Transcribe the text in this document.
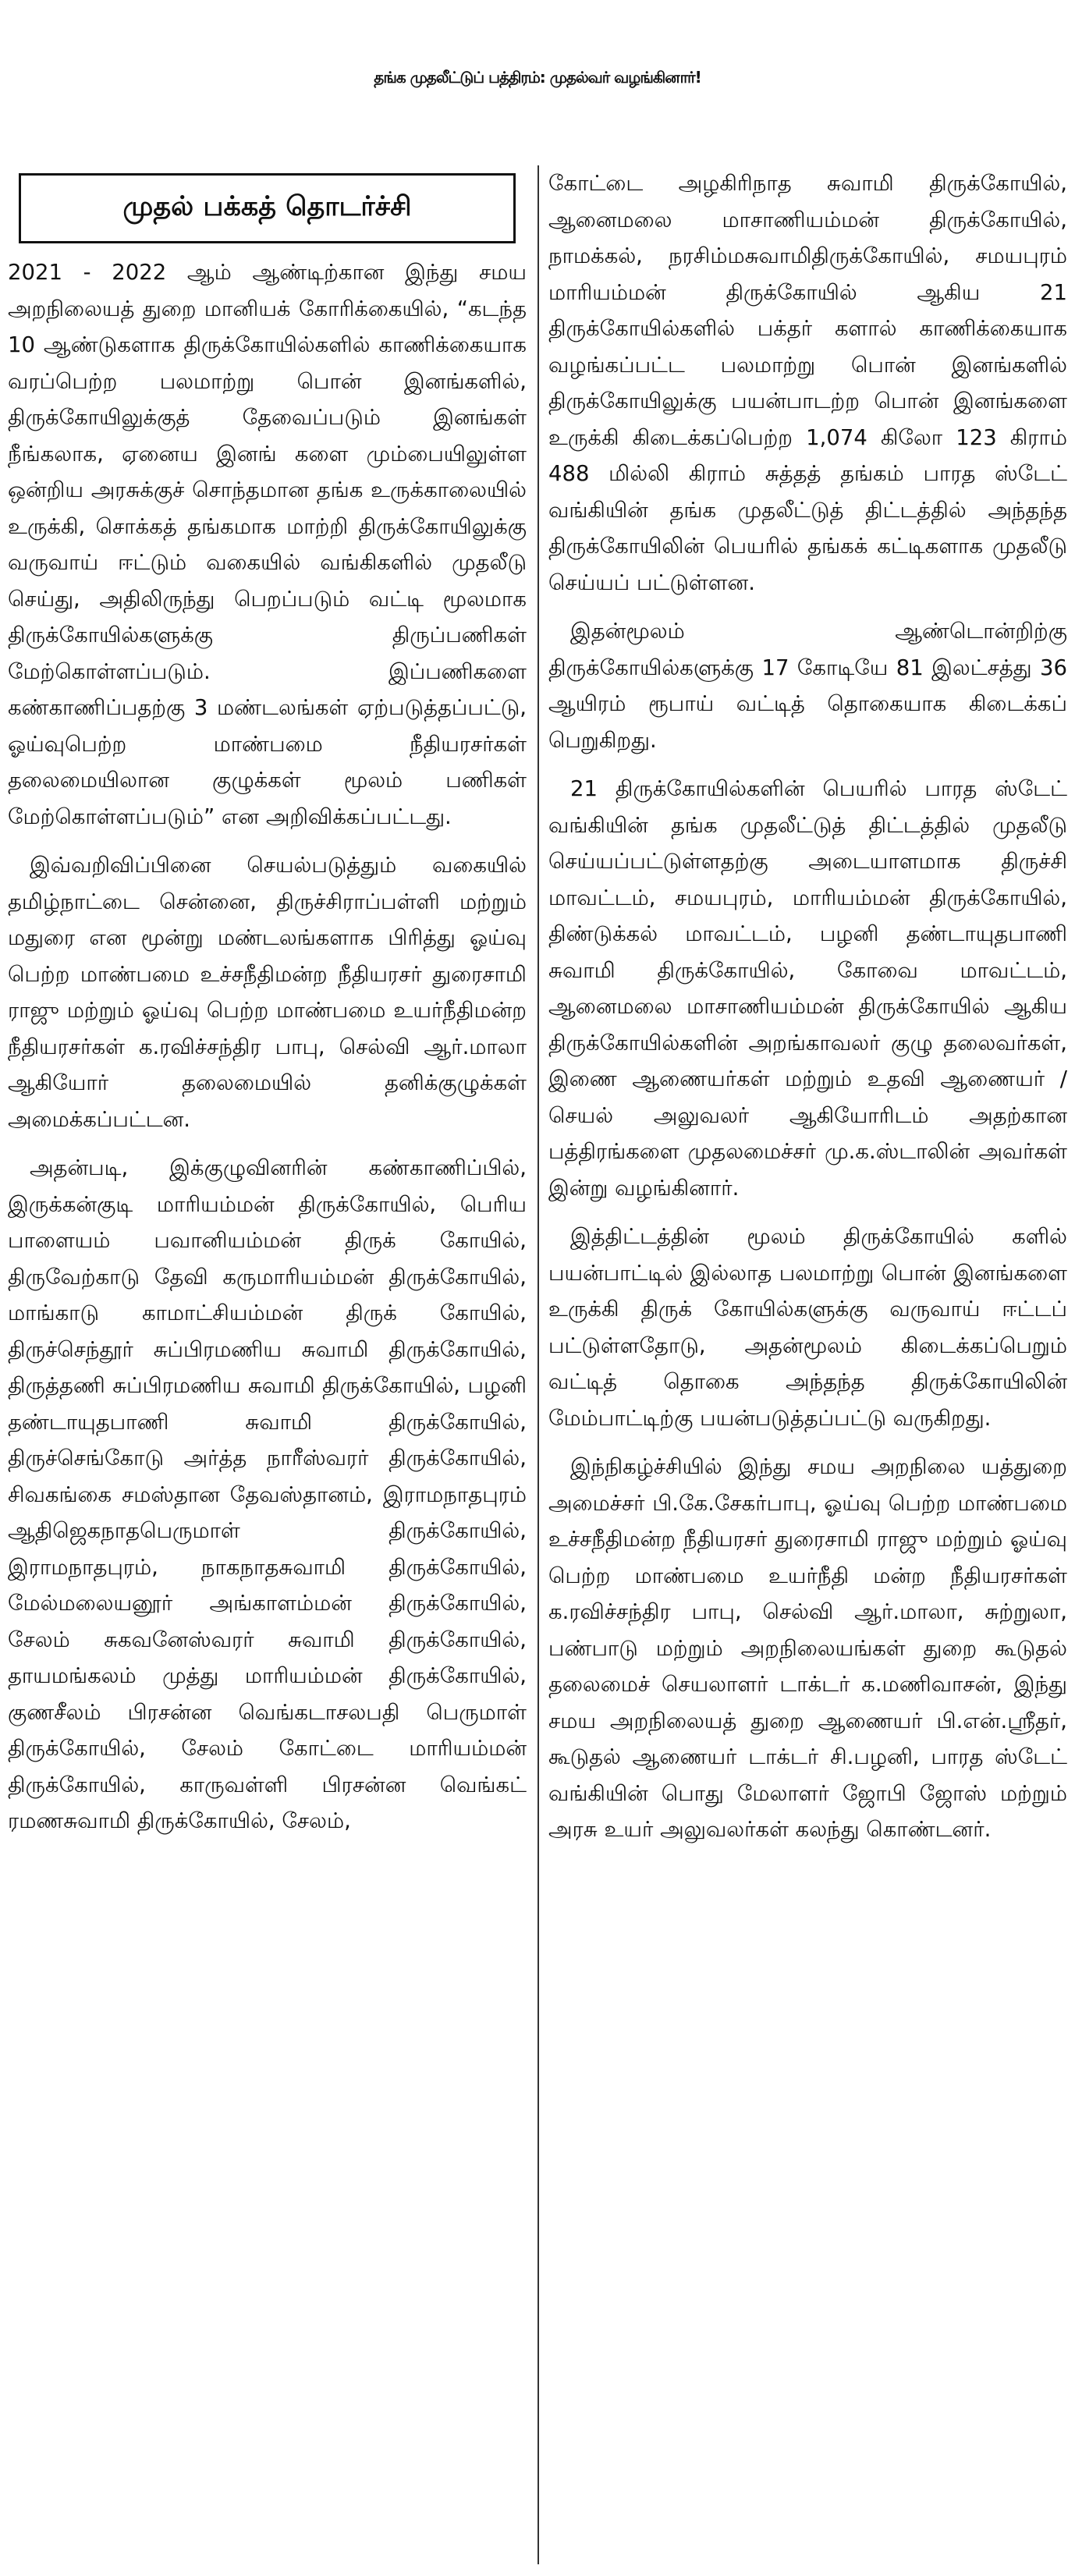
தங்க முதலீட்டுப் பத்திரம்: முதல்வர் வழங்கினார்!
முதல் பக்கத் தொடர்ச்சி

2021 - 2022 ஆம் ஆண்டிற்கான இந்து சமய அறநிலையத் துறை மானியக் கோரிக்கையில், “கடந்த 10 ஆண்டுகளாக திருக்கோயில்களில் காணிக்கையாக வரப்பெற்ற பலமாற்று பொன் இனங்களில், திருக்கோயிலுக்குத் தேவைப்படும் இனங்கள் நீங்கலாக, ஏனைய இனங் களை மும்பையிலுள்ள ஒன்றிய அரசுக்குச் சொந்தமான தங்க உருக்காலையில் உருக்கி, சொக்கத் தங்கமாக மாற்றி திருக்கோயிலுக்கு வருவாய் ஈட்டும் வகையில் வங்கிகளில் முதலீடு செய்து, அதிலிருந்து பெறப்படும் வட்டி மூலமாக திருக்கோயில்களுக்கு திருப்பணிகள் மேற்கொள்ளப்படும். இப்பணிகளை கண்காணிப்பதற்கு 3 மண்டலங்கள் ஏற்படுத்தப்பட்டு, ஓய்வுபெற்ற மாண்பமை நீதியரசர்கள் தலைமையிலான குழுக்கள் மூலம் பணிகள் மேற்கொள்ளப்படும்” என அறிவிக்கப்பட்டது.

இவ்வறிவிப்பினை செயல்படுத்தும் வகையில் தமிழ்நாட்டை சென்னை, திருச்சிராப்பள்ளி மற்றும் மதுரை என மூன்று மண்டலங்களாக பிரித்து ஓய்வு பெற்ற மாண்பமை உச்சநீதிமன்ற நீதியரசர் துரைசாமி ராஜு மற்றும் ஓய்வு பெற்ற மாண்பமை உயர்நீதிமன்ற நீதியரசர்கள் க.ரவிச்சந்திர பாபு, செல்வி ஆர்.மாலா ஆகியோர் தலைமையில் தனிக்குழுக்கள் அமைக்கப்பட்டன.

அதன்படி, இக்குழுவினரின் கண்காணிப்பில், இருக்கன்குடி மாரியம்மன் திருக்கோயில், பெரிய பாளையம் பவானியம்மன் திருக் கோயில், திருவேற்காடு தேவி கருமாரியம்மன் திருக்கோயில், மாங்காடு காமாட்சியம்மன் திருக் கோயில், திருச்செந்தூர் சுப்பிரமணிய சுவாமி திருக்கோயில், திருத்தணி சுப்பிரமணிய சுவாமி திருக்கோயில், பழனி தண்டாயுதபாணி சுவாமி திருக்கோயில், திருச்செங்கோடு அர்த்த நாரீஸ்வரர் திருக்கோயில், சிவகங்கை சமஸ்தான தேவஸ்தானம், இராமநாதபுரம் ஆதிஜெகநாதபெருமாள் திருக்கோயில், இராமநாதபுரம், நாகநாதசுவாமி திருக்கோயில், மேல்மலையனூர் அங்காளம்மன் திருக்கோயில், சேலம் சுகவனேஸ்வரர் சுவாமி திருக்கோயில், தாயமங்கலம் முத்து மாரியம்மன் திருக்கோயில், குணசீலம் பிரசன்ன வெங்கடாசலபதி பெருமாள் திருக்கோயில், சேலம் கோட்டை மாரியம்மன் திருக்கோயில், காருவள்ளி பிரசன்ன வெங்கட் ரமணசுவாமி திருக்கோயில், சேலம்,

கோட்டை அழகிரிநாத சுவாமி திருக்கோயில், ஆனைமலை மாசாணியம்மன் திருக்கோயில், நாமக்கல், நரசிம்மசுவாமிதிருக்கோயில், சமயபுரம் மாரியம்மன் திருக்கோயில் ஆகிய 21 திருக்கோயில்களில் பக்தர் களால் காணிக்கையாக வழங்கப்பட்ட பலமாற்று பொன் இனங்களில் திருக்கோயிலுக்கு பயன்பாடற்ற பொன் இனங்களை உருக்கி கிடைக்கப்பெற்ற 1,074 கிலோ 123 கிராம் 488 மில்லி கிராம் சுத்தத் தங்கம் பாரத ஸ்டேட் வங்கியின் தங்க முதலீட்டுத் திட்டத்தில் அந்தந்த திருக்கோயிலின் பெயரில் தங்கக் கட்டிகளாக முதலீடு செய்யப் பட்டுள்ளன.

இதன்மூலம் ஆண்டொன்றிற்கு திருக்கோயில்களுக்கு 17 கோடியே 81 இலட்சத்து 36 ஆயிரம் ரூபாய் வட்டித் தொகையாக கிடைக்கப் பெறுகிறது.

21 திருக்கோயில்களின் பெயரில் பாரத ஸ்டேட் வங்கியின் தங்க முதலீட்டுத் திட்டத்தில் முதலீடு செய்யப்பட்டுள்ளதற்கு அடையாளமாக திருச்சி மாவட்டம், சமயபுரம், மாரியம்மன் திருக்கோயில், திண்டுக்கல் மாவட்டம், பழனி தண்டாயுதபாணி சுவாமி திருக்கோயில், கோவை மாவட்டம், ஆனைமலை மாசாணியம்மன் திருக்கோயில் ஆகிய திருக்கோயில்களின் அறங்காவலர் குழு தலைவர்கள், இணை ஆணையர்கள் மற்றும் உதவி ஆணையர் / செயல் அலுவலர் ஆகியோரிடம் அதற்கான பத்திரங்களை முதலமைச்சர் மு.க.ஸ்டாலின் அவர்கள் இன்று வழங்கினார்.

இத்திட்டத்தின் மூலம் திருக்கோயில் களில் பயன்பாட்டில் இல்லாத பலமாற்று பொன் இனங்களை உருக்கி திருக் கோயில்களுக்கு வருவாய் ஈட்டப் பட்டுள்ளதோடு, அதன்மூலம் கிடைக்கப்பெறும் வட்டித் தொகை அந்தந்த திருக்கோயிலின் மேம்பாட்டிற்கு பயன்படுத்தப்பட்டு வருகிறது.

இந்நிகழ்ச்சியில் இந்து சமய அறநிலை யத்துறை அமைச்சர் பி.கே.சேகர்பாபு, ஓய்வு பெற்ற மாண்பமை உச்சநீதிமன்ற நீதியரசர் துரைசாமி ராஜு மற்றும் ஓய்வு பெற்ற மாண்பமை உயர்நீதி மன்ற நீதியரசர்கள் க.ரவிச்சந்திர பாபு, செல்வி ஆர்.மாலா, சுற்றுலா, பண்பாடு மற்றும் அறநிலையங்கள் துறை கூடுதல் தலைமைச் செயலாளர் டாக்டர் க.மணிவாசன், இந்து சமய அறநிலையத் துறை ஆணையர் பி.என்.ஸ்ரீதர், கூடுதல் ஆணையர் டாக்டர் சி.பழனி, பாரத ஸ்டேட் வங்கியின் பொது மேலாளர் ஜோபி ஜோஸ் மற்றும் அரசு உயர் அலுவலர்கள் கலந்து கொண்டனர்.
